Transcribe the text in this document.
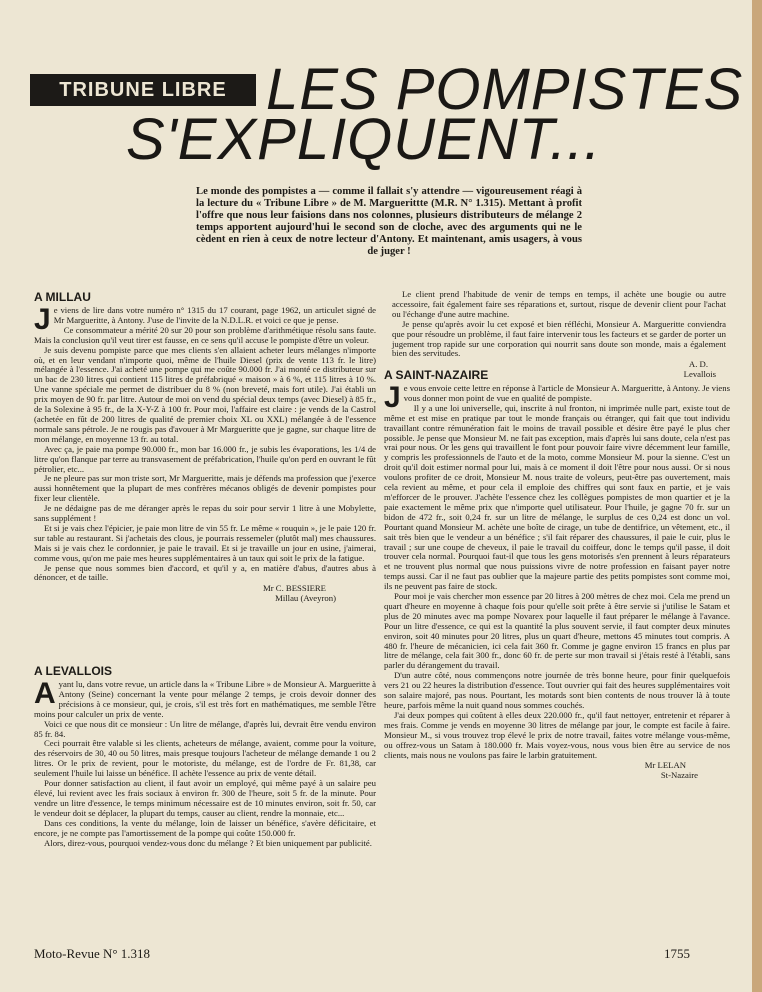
TRIBUNE LIBRE LES POMPISTES
S'EXPLIQUENT...
Le monde des pompistes a — comme il fallait s'y attendre — vigoureusement réagi à la lecture du « Tribune Libre » de M. Marguerittte (M.R. N° 1.315). Mettant à profit l'offre que nous leur faisions dans nos colonnes, plusieurs distributeurs de mélange 2 temps apportent aujourd'hui le second son de cloche, avec des arguments qui ne le cèdent en rien à ceux de notre lecteur d'Antony. Et maintenant, amis usagers, à vous de juger !
A MILLAU

Je viens de lire dans votre numéro n° 1315 du 17 courant, page 1962, un articulet signé de Mr Margueritte, à Antony. J'use de l'invite de la N.D.L.R. et voici ce que je pense.

Ce consommateur a mérité 20 sur 20 pour son problème d'arithmétique résolu sans faute. Mais la conclusion qu'il veut tirer est fausse, en ce sens qu'il accuse le pompiste d'être un voleur.

Je suis devenu pompiste parce que mes clients s'en allaient acheter leurs mélanges n'importe où, et en leur vendant n'importe quoi, même de l'huile Diesel (prix de vente 113 fr. le litre) mélangée à l'essence. J'ai acheté une pompe qui me coûte 90.000 fr. J'ai monté ce distributeur sur un bac de 230 litres qui contient 115 litres de préfabriqué « maison » à 6 %, et 115 litres à 10 %. Une vanne spéciale me permet de distribuer du 8 % (non breveté, mais fort utile). J'ai établi un prix moyen de 90 fr. par litre. Autour de moi on vend du spécial deux temps (avec Diesel) à 85 fr., de la Solexine à 95 fr., de la X-Y-Z à 100 fr. Pour moi, l'affaire est claire : je vends de la Castrol (achetée en fût de 200 litres de qualité de premier choix XL ou XXL) mélangée à de l'essence normale sans pétrole. Je ne rougis pas d'avouer à Mr Margueritte que je gagne, sur chaque litre de mon mélange, en moyenne 13 fr. au total.

Avec ça, je paie ma pompe 90.000 fr., mon bar 16.000 fr., je subis les évaporations, les 1/4 de litre qu'on flanque par terre au transvasement de préfabrication, l'huile qu'on perd en ouvrant le fût pétrolier, etc...

Je ne pleure pas sur mon triste sort, Mr Margueritte, mais je défends ma profession que j'exerce aussi honnêtement que la plupart de mes confrères mécanos obligés de devenir pompistes pour fixer leur clientèle.

Je ne dédaigne pas de me déranger après le repas du soir pour servir 1 litre à une Mobylette, sans supplément !

Et si je vais chez l'épicier, je paie mon litre de vin 55 fr. Le même « rouquin », je le paie 120 fr. sur table au restaurant. Si j'achetais des clous, je pourrais ressemeler (plutôt mal) mes chaussures. Mais si je vais chez le cordonnier, je paie le travail. Et si je travaille un jour en usine, j'aimerai, comme vous, qu'on me paie mes heures supplémentaires à un taux qui soit le prix de la fatigue.

Je pense que nous sommes bien d'accord, et qu'il y a, en matière d'abus, d'autres abus à dénoncer, et de taille.

Mr C. BESSIERE
Millau (Aveyron)
A LEVALLOIS

Ayant lu, dans votre revue, un article dans la « Tribune Libre » de Monsieur A. Margueritte à Antony (Seine) concernant la vente pour mélange 2 temps, je crois devoir donner des précisions à ce monsieur, qui, je crois, s'il est très fort en mathématiques, me semble l'être moins pour calculer un prix de vente.

Voici ce que nous dit ce monsieur : Un litre de mélange, d'après lui, devrait être vendu environ 85 fr. 84.

Ceci pourrait être valable si les clients, acheteurs de mélange, avaient, comme pour la voiture, des réservoirs de 30, 40 ou 50 litres, mais presque toujours l'acheteur de mélange demande 1 ou 2 litres. Or le prix de revient, pour le motoriste, du mélange, est de l'ordre de Fr. 81,38, car seulement l'huile lui laisse un bénéfice. Il achète l'essence au prix de vente détail.

Pour donner satisfaction au client, il faut avoir un employé, qui même payé à un salaire peu élevé, lui revient avec les frais sociaux à environ fr. 300 de l'heure, soit 5 fr. de la minute. Pour vendre un litre d'essence, le temps minimum nécessaire est de 10 minutes environ, soit fr. 50, car le vendeur doit se déplacer, la plupart du temps, causer au client, rendre la monnaie, etc...

Dans ces conditions, la vente du mélange, loin de laisser un bénéfice, s'avère déficitaire, et encore, je ne compte pas l'amortissement de la pompe qui coûte 150.000 fr.

Alors, direz-vous, pourquoi vendez-vous donc du mélange ? Et bien uniquement par publicité.

Le client prend l'habitude de venir de temps en temps, il achète une bougie ou autre accessoire, fait également faire ses réparations et, surtout, risque de devenir client pour l'achat ou l'échange d'une autre machine.

Je pense qu'après avoir lu cet exposé et bien réfléchi, Monsieur A. Margueritte conviendra que pour résoudre un problème, il faut faire intervenir tous les facteurs et se garder de porter un jugement trop rapide sur une corporation qui nourrit sans doute son monde, mais a également bien des servitudes.

A. D.
Levallois
A SAINT-NAZAIRE

Je vous envoie cette lettre en réponse à l'article de Monsieur A. Margueritte, à Antony. Je viens vous donner mon point de vue en qualité de pompiste.

Il y a une loi universelle, qui, inscrite à nul fronton, ni imprimée nulle part, existe tout de même et est mise en pratique par tout le monde français ou étranger, qui fait que tout individu travaillant contre rémunération fait le moins de travail possible et désire être payé le plus cher possible. Je pense que Monsieur M. ne fait pas exception, mais d'après lui sans doute, cela n'est pas vrai pour nous. Or les gens qui travaillent le font pour pouvoir faire vivre décemment leur famille, y compris les professionnels de l'auto et de la moto, comme Monsieur M. pour la sienne. C'est un droit qu'il doit estimer normal pour lui, mais à ce moment il doit l'être pour nous aussi. Or si nous voulons profiter de ce droit, Monsieur M. nous traite de voleurs, peut-être pas ouvertement, mais cela revient au même, et pour cela il emploie des chiffres qui sont faux en partie, et je vais m'efforcer de le prouver. J'achète l'essence chez les collègues pompistes de mon quartier et je la paie exactement le même prix que n'importe quel utilisateur. Pour l'huile, je gagne 70 fr. sur un bidon de 472 fr., soit 0,24 fr. sur un litre de mélange, le surplus de ces 0,24 est donc un vol. Pourtant quand Monsieur M. achète une boîte de cirage, un tube de dentifrice, un vêtement, etc., il sait très bien que le vendeur a un bénéfice ; s'il fait réparer des chaussures, il paie le cuir, plus le travail ; sur une coupe de cheveux, il paie le travail du coiffeur, donc le temps qu'il passe, il doit trouver cela normal. Pourquoi faut-il que tous les gens motorisés s'en prennent à leurs réparateurs et ne trouvent plus normal que nous puissions vivre de notre profession en faisant payer notre temps aussi. Car il ne faut pas oublier que la majeure partie des petits pompistes sont comme moi, ils ne peuvent pas faire de stock.

Pour moi je vais chercher mon essence par 20 litres à 200 mètres de chez moi. Cela me prend un quart d'heure en moyenne à chaque fois pour qu'elle soit prête à être servie si j'utilise le Satam et plus de 20 minutes avec ma pompe Novarex pour laquelle il faut préparer le mélange à l'avance. Pour un litre d'essence, ce qui est la quantité la plus souvent servie, il faut compter deux minutes environ, soit 40 minutes pour 20 litres, plus un quart d'heure, mettons 45 minutes tout compris. A 480 fr. l'heure de mécanicien, ici cela fait 360 fr. Comme je gagne environ 15 francs en plus par litre de mélange, cela fait 300 fr., donc 60 fr. de perte sur mon travail si j'étais resté à l'établi, sans parler du dérangement du travail.

D'un autre côté, nous commençons notre journée de très bonne heure, pour finir quelquefois vers 21 ou 22 heures la distribution d'essence. Tout ouvrier qui fait des heures supplémentaires voit son salaire majoré, pas nous. Pourtant, les motards sont bien contents de nous trouver là à toute heure, parfois même la nuit quand nous sommes couchés.

J'ai deux pompes qui coûtent à elles deux 220.000 fr., qu'il faut nettoyer, entretenir et réparer à mes frais. Comme je vends en moyenne 30 litres de mélange par jour, le compte est facile à faire. Monsieur M., si vous trouvez trop élevé le prix de notre travail, faites votre mélange vous-même, ou offrez-vous un Satam à 180.000 fr. Mais voyez-vous, nous vous bien être au service de nos clients, mais nous ne voulons pas faire le larbin gratuitement.

Mr LELAN
St-Nazaire
Moto-Revue N° 1.318	1755
